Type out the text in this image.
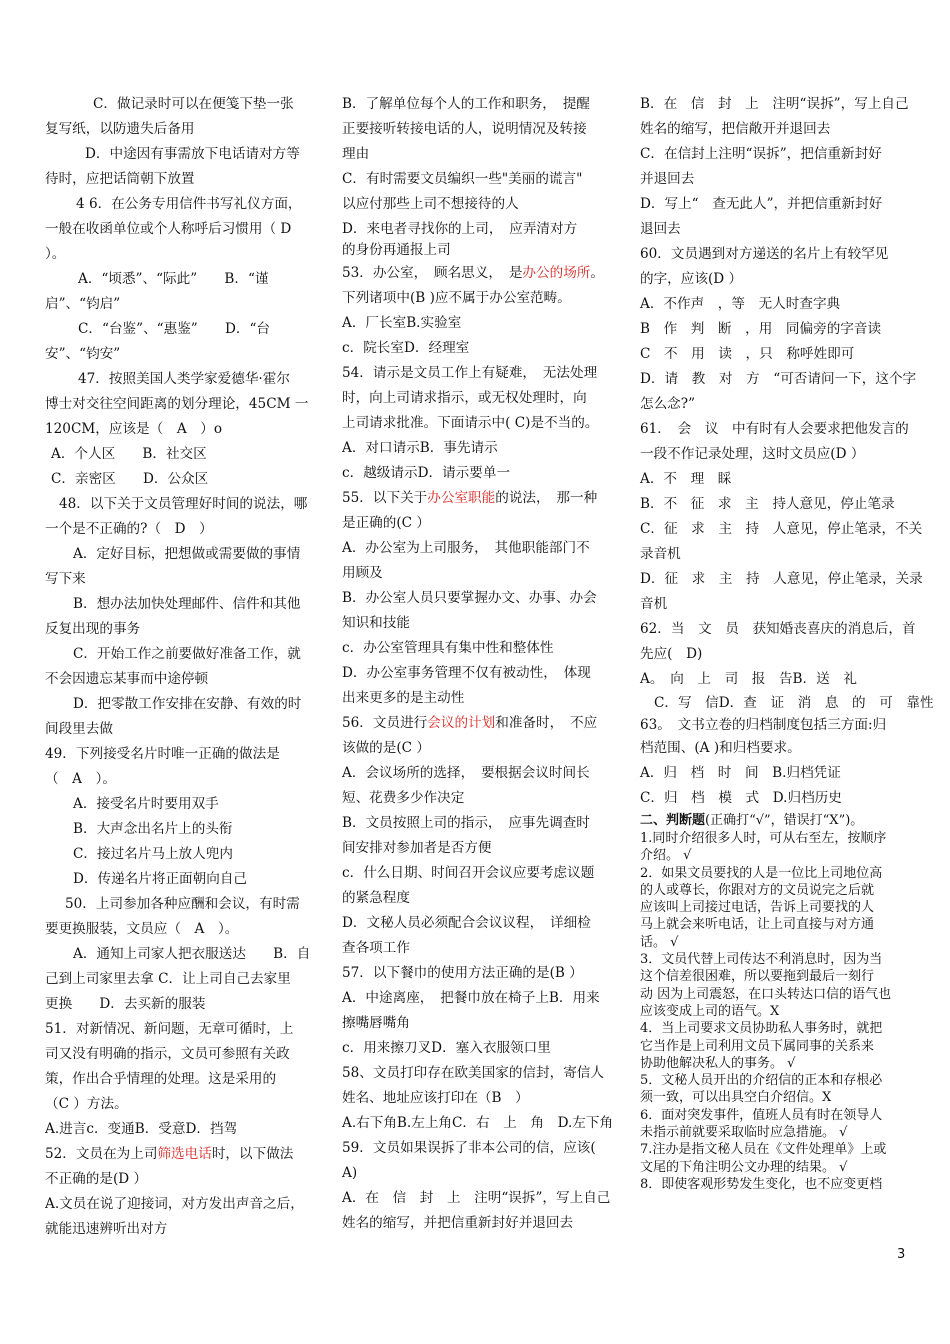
C．做记录时可以在便笺下垫一张
复写纸，以防遗失后备用
D．中途因有事需放下电话请对方等
待时，应把话筒朝下放置
4 6．在公务专用信件书写礼仪方面，
一般在收函单位或个人称呼后习惯用（ D
）。
A．“顷悉”、“际此”　　B．“谨
启”、“钧启”
C．“台鉴”、“惠鉴”　　D．“台
安”、“钧安”
47．按照美国人类学家爱德华·霍尔
博士对交往空间距离的划分理论，45CM 一
120CM，应该是（　A　）o
A．个人区　　B．社交区
C．亲密区　　D．公众区
48．以下关于文员管理好时间的说法，哪
一个是不正确的?（　D　）
A．定好目标，把想做或需要做的事情
写下来
B．想办法加快处理邮件、信件和其他
反复出现的事务
C．开始工作之前要做好准备工作，就
不会因遗忘某事而中途停顿
D．把零散工作安排在安静、有效的时
间段里去做
49．下列接受名片时唯一正确的做法是
（　A　）。
A．接受名片时要用双手
B．大声念出名片上的头衔
C．接过名片马上放人兜内
D．传递名片将正面朝向自己
50．上司参加各种应酬和会议，有时需
要更换服装，文员应（　A　）。
A．通知上司家人把衣服送达　　B．自
己到上司家里去拿 C．让上司自己去家里
更换　　D．去买新的服装
51．对新情况、新问题，无章可循时，上
司又没有明确的指示，文员可参照有关政
策，作出合乎情理的处理。这是采用的
（C ）方法。
A.进言c．变通B．受意D．挡驾
52．文员在为上司筛选电话时，以下做法
不正确的是(D ）
A.文员在说了迎接词，对方发出声音之后，
就能迅速辨听出对方
B．了解单位每个人的工作和职务，　提醒
正要接听转接电话的人，说明情况及转接
理由
C．有时需要文员编织一些"美丽的谎言"
以应付那些上司不想接待的人
D．来电者寻找你的上司，　应弄清对方
的身份再通报上司
53．办公室，　顾名思义，　是办公的场所。
下列诸项中(B )应不属于办公室范畴。
A．厂长室B.实验室
c．院长室D．经理室
54．请示是文员工作上有疑难，　无法处理
时，向上司请求指示，或无权处理时，向
上司请求批准。下面请示中( C)是不当的。
A．对口请示B．事先请示
c．越级请示D．请示要单一
55．以下关于办公室职能的说法，　那一种
是正确的(C ）
A．办公室为上司服务，　其他职能部门不
用顾及
B．办公室人员只要掌握办文、办事、办会
知识和技能
c．办公室管理具有集中性和整体性
D．办公室事务管理不仅有被动性，　体现
出来更多的是主动性
56．文员进行会议的计划和准备时，　不应
该做的是(C ）
A．会议场所的选择，　要根据会议时间长
短、花费多少作决定
B．文员按照上司的指示，　应事先调查时
间安排对参加者是否方便
c．什么日期、时间召开会议应要考虑议题
的紧急程度
D．文秘人员必须配合会议议程，　详细检
查各项工作
57．以下餐巾的使用方法正确的是(B ）
A．中途离座，　把餐巾放在椅子上B．用来
擦嘴唇嘴角
c．用来擦刀叉D．塞入衣服领口里
58、文员打印存在欧美国家的信封，寄信人
姓名、地址应该打印在（B　）
A.右下角B.左上角C．右　上　角　D.左下角
59．文员如果误拆了非本公司的信，应该(
A)
A．在　信　封　上　注明“误拆”，写上自己
姓名的缩写，并把信重新封好并退回去
B．在　信　封　上　注明“误拆”，写上自己
姓名的缩写，把信敞开并退回去
C．在信封上注明“误拆”，把信重新封好
并退回去
D．写上“　查无此人”，并把信重新封好
退回去
60．文员遇到对方递送的名片上有较罕见
的字，应该(D ）
A．不作声　，等　无人时查字典
B　作　判　断　，用　同偏旁的字音读
C　不　用　读　，只　称呼姓即可
D．请　教　对　方　“可否请问一下，这个字
怎么念?”
61．　会　议　中有时有人会要求把他发言的
一段不作记录处理，这时文员应(D ）
A．不　理　睬
B．不　征　求　主　持人意见，停止笔录
C．征　求　主　持　人意见，停止笔录，不关
录音机
D．征　求　主　持　人意见，停止笔录，关录
音机
62．当　文　员　获知婚丧喜庆的消息后，首
先应(　D)
A。　向　上　司　报　告B．送　礼
C．写　信D．查　证　消　息　的　可　靠性
63。　文书立卷的归档制度包括三方面:归
档范围、(A )和归档要求。
A．归　档　时　间　B.归档凭证
C．归　档　模　式　D.归档历史
二、判断题(正确打“√”，错误打“X”)。
1.同时介绍很多人时，可从右至左，按顺序
介绍。 √
2．如果文员要找的人是一位比上司地位高
的人或尊长，你跟对方的文员说完之后就
应该叫上司接过电话，告诉上司要找的人
马上就会来听电话，让上司直接与对方通
话。 √
3．文员代替上司传达不利消息时，因为当
这个信差很困难，所以要拖到最后一刻行
动 因为上司震怒，在口头转达口信的语气也
应该变成上司的语气。X
4．当上司要求文员协助私人事务时，就把
它当作是上司利用文员下属同事的关系来
协助他解决私人的事务。 √
5．文秘人员开出的介绍信的正本和存根必
须一致，可以出具空白介绍信。X
6．面对突发事件，值班人员有时在领导人
未指示前就要采取临时应急措施。 √
7.注办是指文秘人员在《文件处理单》上或
文尾的下角注明公文办理的结果。 √
8．即使客观形势发生变化，也不应变更档
3
